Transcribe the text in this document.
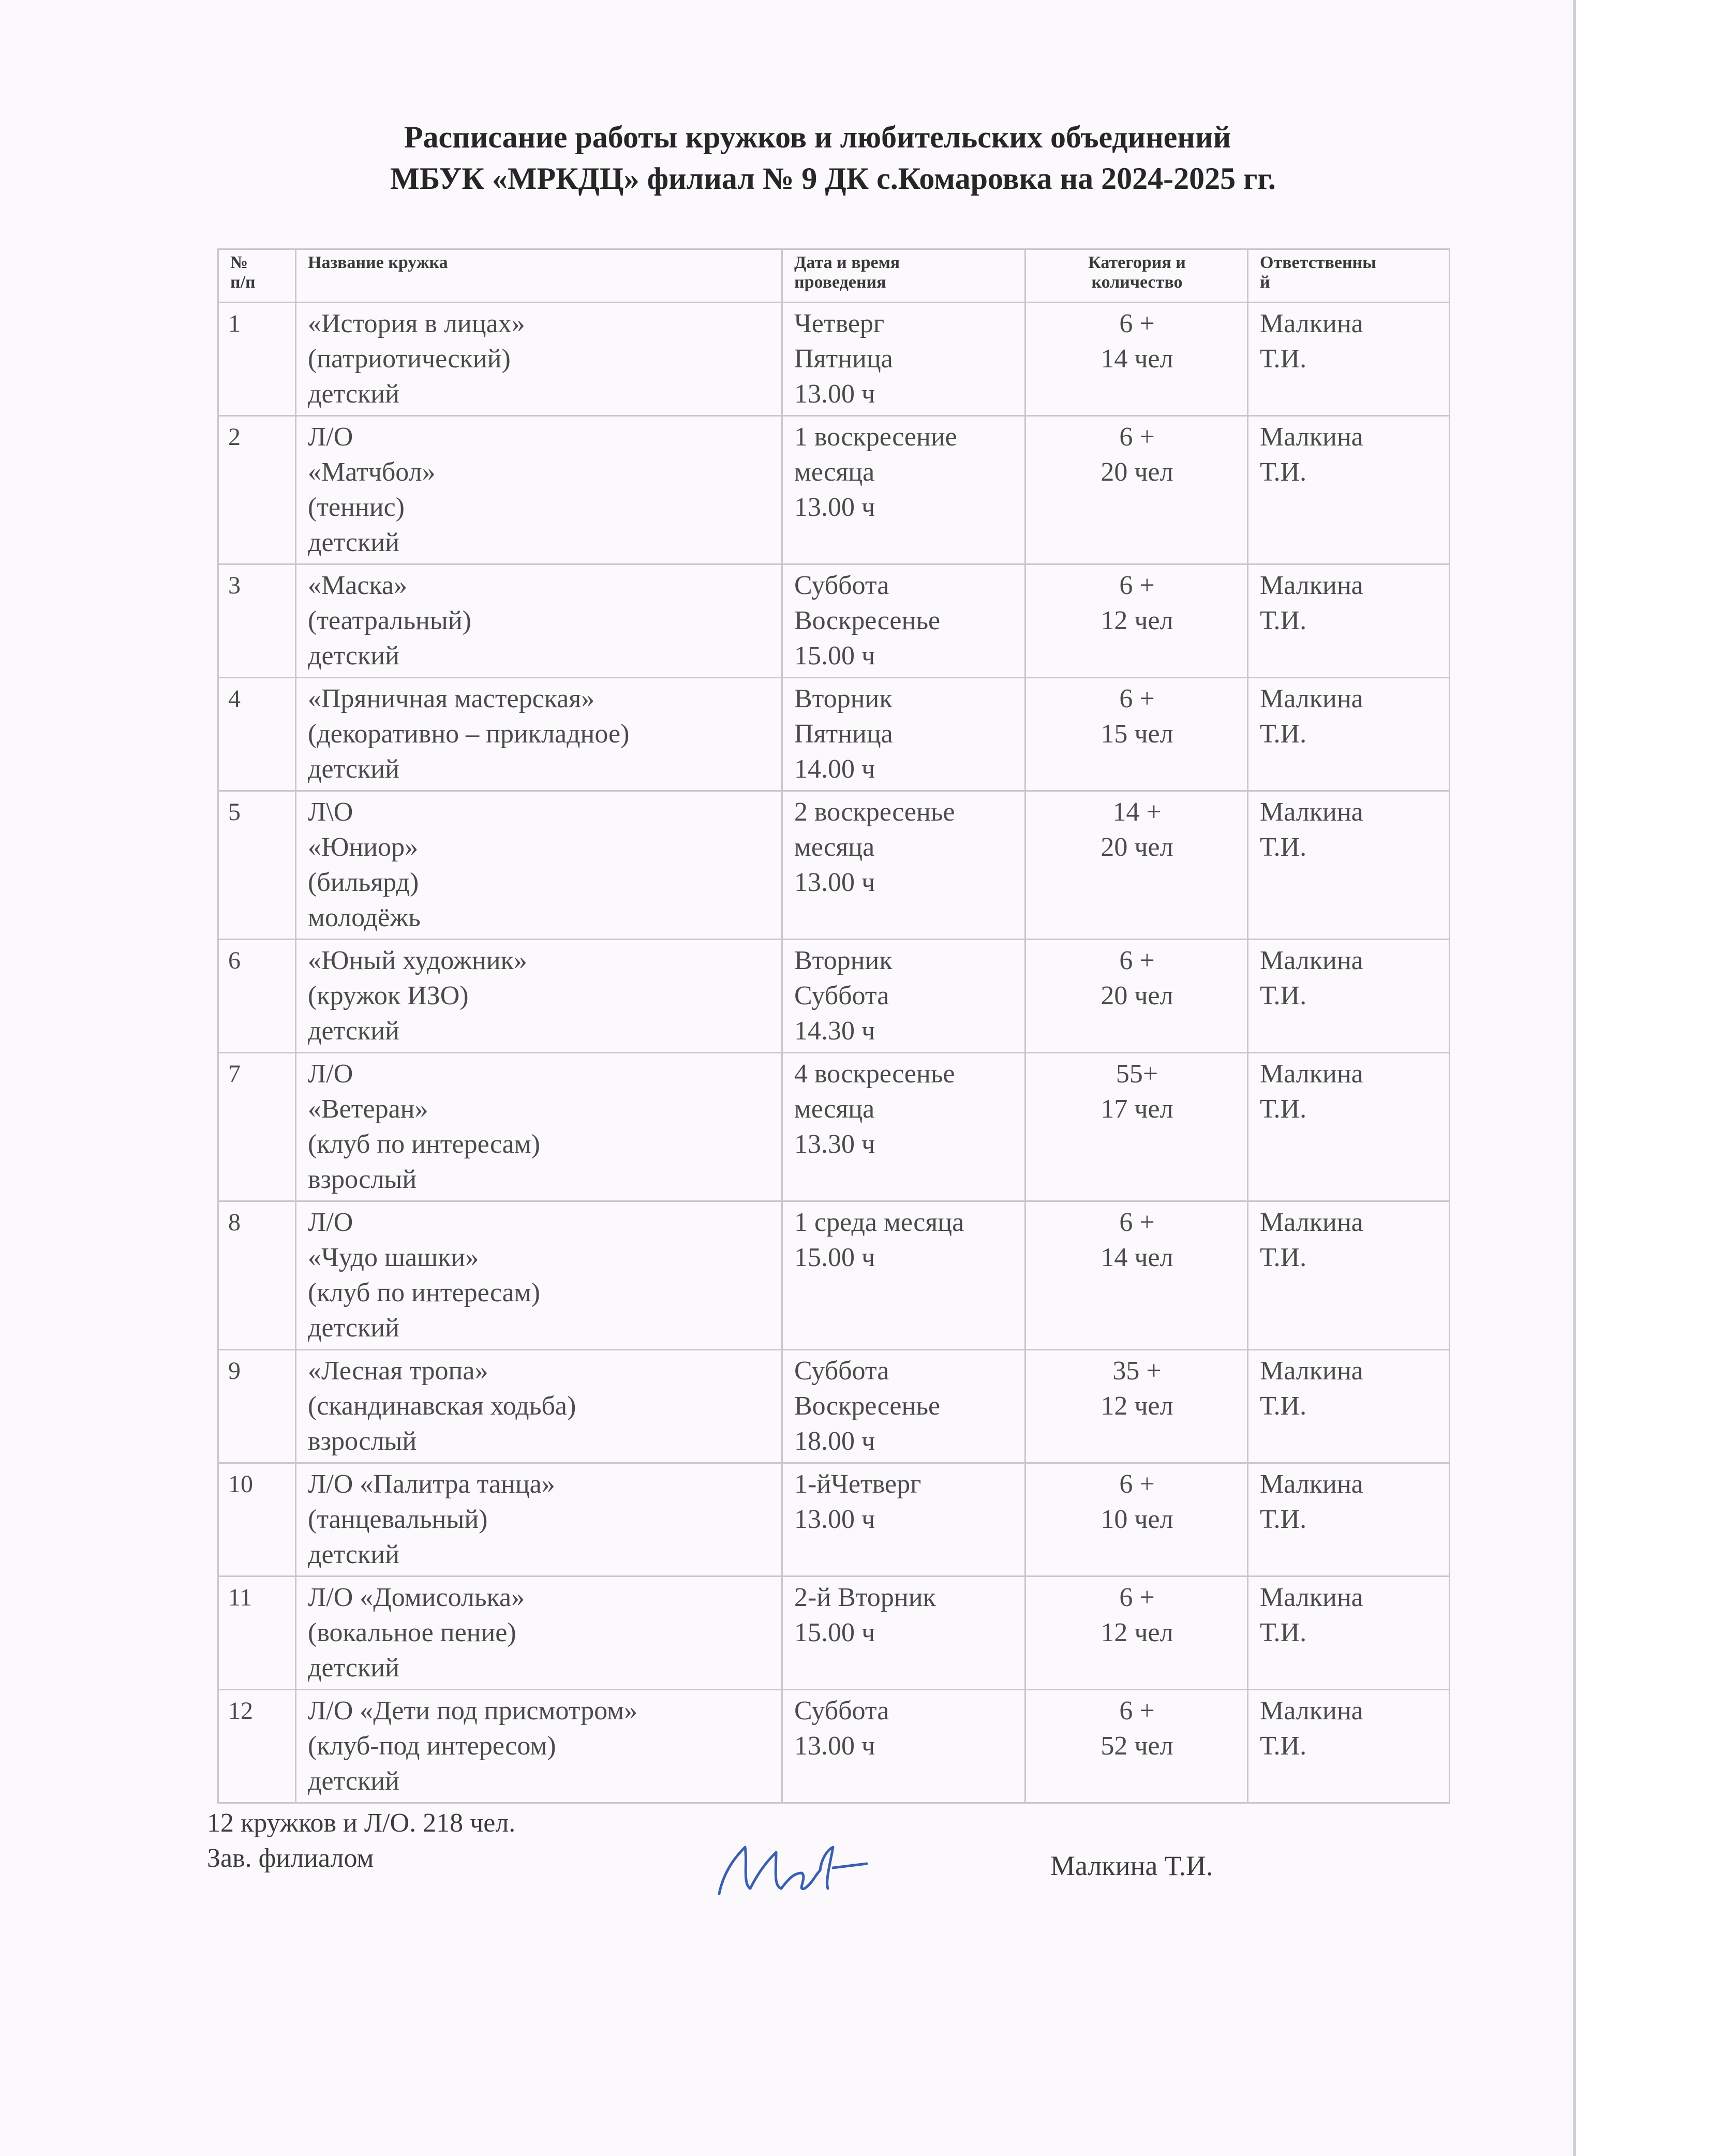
Расписание работы кружков и любительских объединений
МБУК «МРКДЦ» филиал № 9 ДК с.Комаровка на 2024-2025 гг.
№
п/п	Название кружка	Дата и время
проведения	Категория и
количество	Ответственны
й
1	«История в лицах»
(патриотический)
детский	Четверг
Пятница
13.00 ч	6 +
14 чел	Малкина
Т.И.
2	Л/О
«Матчбол»
(теннис)
детский	1 воскресение
месяца
13.00 ч	6 +
20 чел	Малкина
Т.И.
3	«Маска»
(театральный)
детский	Суббота
Воскресенье
15.00 ч	6 +
12 чел	Малкина
Т.И.
4	«Пряничная мастерская»
(декоративно – прикладное)
детский	Вторник
Пятница
14.00 ч	6 +
15 чел	Малкина
Т.И.
5	Л\О
«Юниор»
(бильярд)
молодёжь	2 воскресенье
месяца
13.00 ч	14 +
20 чел	Малкина
Т.И.
6	«Юный художник»
(кружок ИЗО)
детский	Вторник
Суббота
14.30 ч	6 +
20 чел	Малкина
Т.И.
7	Л/О
«Ветеран»
(клуб по интересам)
взрослый	4 воскресенье
месяца
13.30 ч	55+
17 чел	Малкина
Т.И.
8	Л/О
«Чудо шашки»
(клуб по интересам)
детский	1 среда месяца
15.00 ч	6 +
14 чел	Малкина
Т.И.
9	«Лесная тропа»
(скандинавская ходьба)
взрослый	Суббота
Воскресенье
18.00 ч	35 +
12 чел	Малкина
Т.И.
10	Л/О «Палитра танца»
(танцевальный)
детский	1-йЧетверг
13.00 ч	6 +
10 чел	Малкина
Т.И.
11	Л/О «Домисолька»
(вокальное пение)
детский	2-й Вторник
15.00 ч	6 +
12 чел	Малкина
Т.И.
12	Л/О «Дети под присмотром»
(клуб-под интересом)
детский	Суббота
13.00 ч	6 +
52 чел	Малкина
Т.И.
12 кружков и Л/О. 218 чел.
Зав. филиалом	Малкина Т.И.
